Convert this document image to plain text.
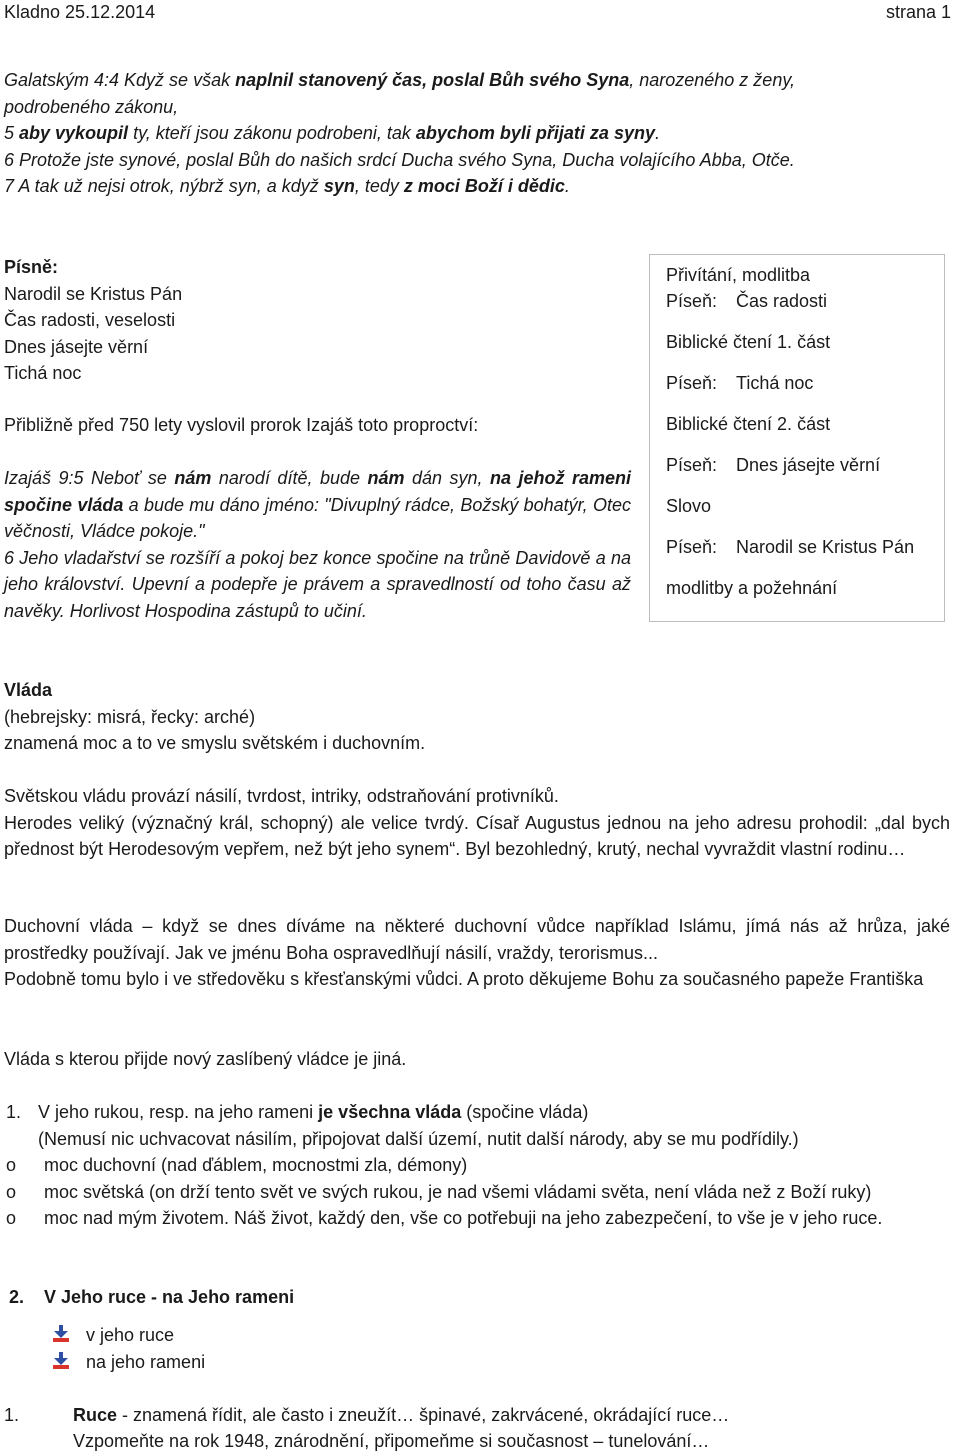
Kladno 25.12.2014	strana 1
Galatským 4:4 Když se však naplnil stanovený čas, poslal Bůh svého Syna, narozeného z ženy,
podrobeného zákonu,
5 aby vykoupil ty, kteří jsou zákonu podrobeni, tak abychom byli přijati za syny.
6 Protože jste synové, poslal Bůh do našich srdcí Ducha svého Syna, Ducha volajícího Abba, Otče.
7 A tak už nejsi otrok, nýbrž syn, a když syn, tedy z moci Boží i dědic.
Písně:
Narodil se Kristus Pán
Čas radosti, veselosti
Dnes jásejte věrní
Tichá noc
Přibližně před 750 lety vyslovil prorok Izajáš toto proproctví:
Izajáš 9:5 Neboť se nám narodí dítě, bude nám dán syn, na jehož rameni spočine vláda a bude mu dáno jméno: "Divuplný rádce, Božský bohatýr, Otec věčnosti, Vládce pokoje."
6 Jeho vladařství se rozšíří a pokoj bez konce spočine na trůně Davidově a na jeho království. Upevní a podepře je právem a spravedlností od toho času až navěky. Horlivost Hospodina zástupů to učiní.
Přivítání, modlitba
Píseň: Čas radosti
Biblické čtení 1. část
Píseň: Tichá noc
Biblické čtení 2. část
Píseň: Dnes jásejte věrní
Slovo
Píseň: Narodil se Kristus Pán
modlitby a požehnání
Vláda
(hebrejsky: misrá, řecky: arché)
znamená moc a to ve smyslu světském i duchovním.
Světskou vládu provází násilí, tvrdost, intriky, odstraňování protivníků.
Herodes veliký (význačný král, schopný) ale velice tvrdý. Císař Augustus jednou na jeho adresu prohodil: „dal bych přednost být Herodesovým vepřem, než být jeho synem“. Byl bezohledný, krutý, nechal vyvraždit vlastní rodinu…
Duchovní vláda – když se dnes díváme na některé duchovní vůdce například Islámu, jímá nás až hrůza, jaké prostředky používají. Jak ve jménu Boha ospravedlňují násilí, vraždy, terorismus...
Podobně tomu bylo i ve středověku s křesťanskými vůdci. A proto děkujeme Bohu za současného papeže Františka
Vláda s kterou přijde nový zaslíbený vládce je jiná.
1. V jeho rukou, resp. na jeho rameni je všechna vláda (spočine vláda)
(Nemusí nic uchvacovat násilím, připojovat další území, nutit další národy, aby se mu podřídily.)
o moc duchovní (nad ďáblem, mocnostmi zla, démony)
o moc světská (on drží tento svět ve svých rukou, je nad všemi vládami světa, není vláda než z Boží ruky)
o moc nad mým životem. Náš život, každý den, vše co potřebuji na jeho zabezpečení, to vše je v jeho ruce.
2. V Jeho ruce - na Jeho rameni
v jeho ruce
na jeho rameni
1.	Ruce - znamená řídit, ale často i zneužít… špinavé, zakrvácené, okrádající ruce…
Vzpomeňte na rok 1948, znárodnění, připomeňme si současnost – tunelování…
